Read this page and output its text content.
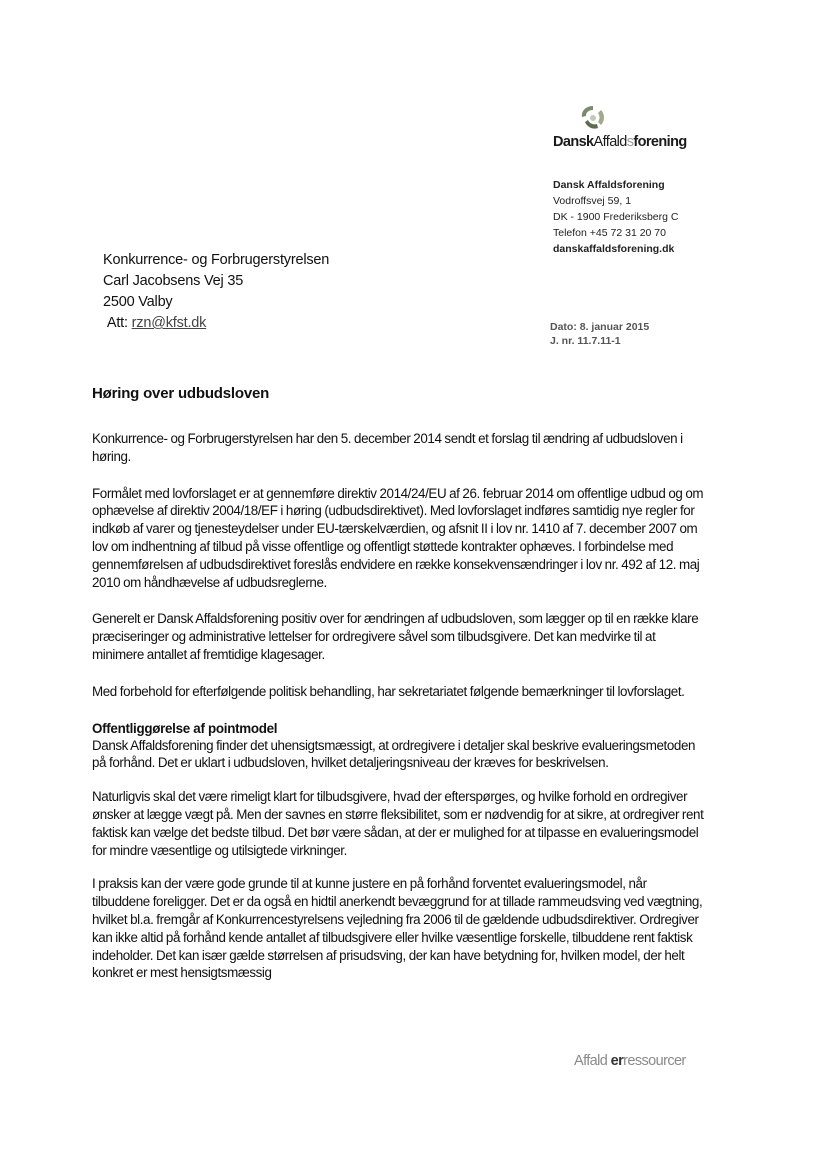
DanskAffaldsforening
Dansk Affaldsforening
Vodroffsvej 59, 1
DK - 1900 Frederiksberg C
Telefon +45 72 31 20 70
danskaffaldsforening.dk
Konkurrence- og Forbrugerstyrelsen
Carl Jacobsens Vej 35
2500 Valby
Att: rzn@kfst.dk	Dato: 8. januar 2015
J. nr. 11.7.11-1
Høring over udbudsloven

Konkurrence- og Forbrugerstyrelsen har den 5. december 2014 sendt et forslag til ændring af udbudsloven i høring.

Formålet med lovforslaget er at gennemføre direktiv 2014/24/EU af 26. februar 2014 om offentlige udbud og om ophævelse af direktiv 2004/18/EF i høring (udbudsdirektivet). Med lovforslaget indføres samtidig nye regler for indkøb af varer og tjenesteydelser under EU-tærskelværdien, og afsnit II i lov nr. 1410 af 7. december 2007 om lov om indhentning af tilbud på visse offentlige og offentligt støttede kontrakter ophæves. I forbindelse med gennemførelsen af udbudsdirektivet foreslås endvidere en række konsekvensændringer i lov nr. 492 af 12. maj 2010 om håndhævelse af udbudsreglerne.

Generelt er Dansk Affaldsforening positiv over for ændringen af udbudsloven, som lægger op til en række klare præciseringer og administrative lettelser for ordregivere såvel som tilbudsgivere. Det kan medvirke til at minimere antallet af fremtidige klagesager.

Med forbehold for efterfølgende politisk behandling, har sekretariatet følgende bemærkninger til lovforslaget.

Offentliggørelse af pointmodel

Dansk Affaldsforening finder det uhensigtsmæssigt, at ordregivere i detaljer skal beskrive evalueringsmetoden på forhånd. Det er uklart i udbudsloven, hvilket detaljeringsniveau der kræves for beskrivelsen.

Naturligvis skal det være rimeligt klart for tilbudsgivere, hvad der efterspørges, og hvilke forhold en ordregiver ønsker at lægge vægt på. Men der savnes en større fleksibilitet, som er nødvendig for at sikre, at ordregiver rent faktisk kan vælge det bedste tilbud. Det bør være sådan, at der er mulighed for at tilpasse en evalueringsmodel for mindre væsentlige og utilsigtede virkninger.

I praksis kan der være gode grunde til at kunne justere en på forhånd forventet evalueringsmodel, når tilbuddene foreligger. Det er da også en hidtil anerkendt bevæggrund for at tillade rammeudsving ved vægtning, hvilket bl.a. fremgår af Konkurrencestyrelsens vejledning fra 2006 til de gældende udbudsdirektiver. Ordregiver kan ikke altid på forhånd kende antallet af tilbudsgivere eller hvilke væsentlige forskelle, tilbuddene rent faktisk indeholder. Det kan især gælde størrelsen af prisudsving, der kan have betydning for, hvilken model, der helt konkret er mest hensigtsmæssig

Affald erressourcer
